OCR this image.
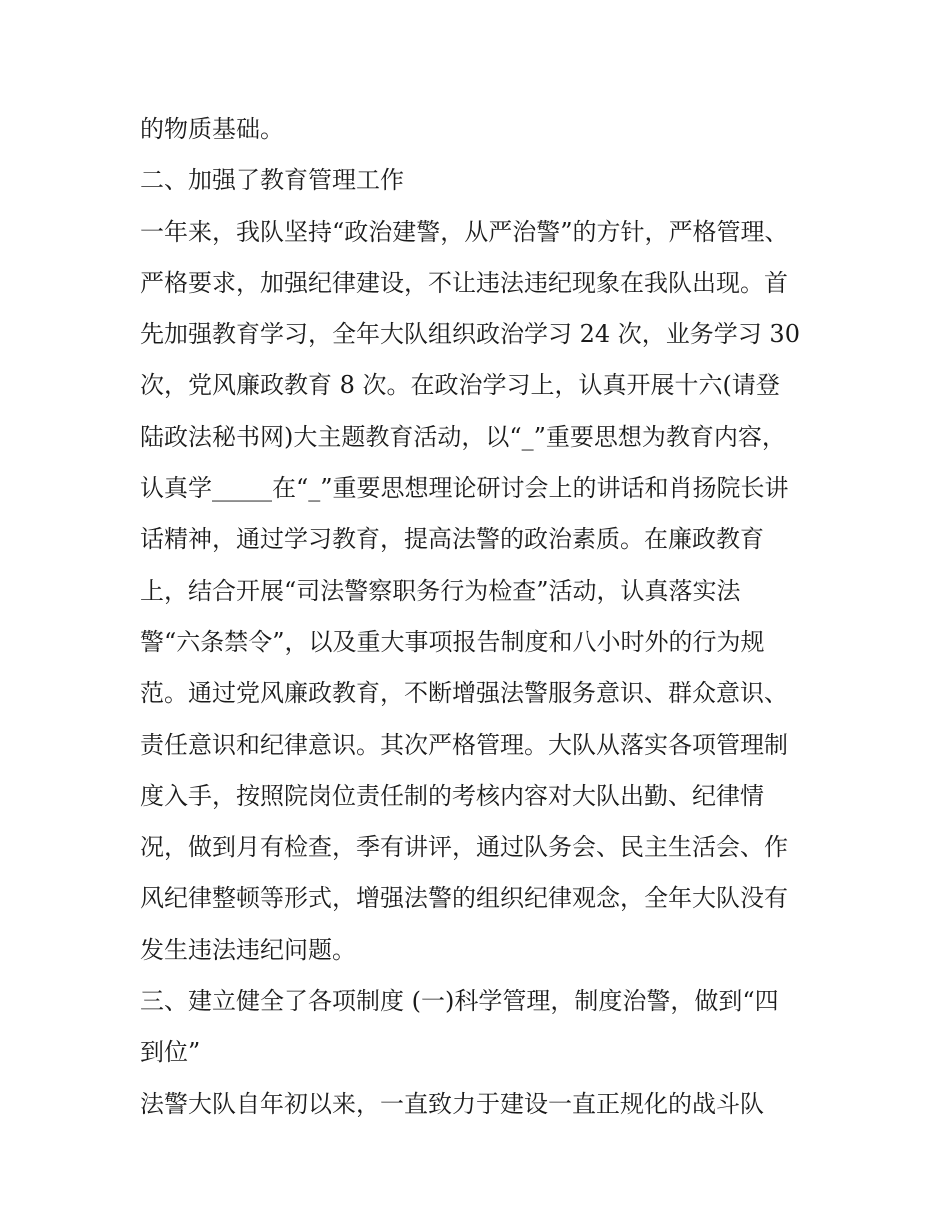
的物质基础。
二、加强了教育管理工作
一年来，我队坚持“政治建警，从严治警”的方针，严格管理、
严格要求，加强纪律建设，不让违法违纪现象在我队出现。首
先加强教育学习，全年大队组织政治学习 24 次，业务学习 30
次，党风廉政教育 8 次。在政治学习上，认真开展十六(请登
陆政法秘书网)大主题教育活动，以“_”重要思想为教育内容，
认真学_____在“_”重要思想理论研讨会上的讲话和肖扬院长讲
话精神，通过学习教育，提高法警的政治素质。在廉政教育
上，结合开展“司法警察职务行为检查”活动，认真落实法
警“六条禁令”，以及重大事项报告制度和八小时外的行为规
范。通过党风廉政教育，不断增强法警服务意识、群众意识、
责任意识和纪律意识。其次严格管理。大队从落实各项管理制
度入手，按照院岗位责任制的考核内容对大队出勤、纪律情
况，做到月有检查，季有讲评，通过队务会、民主生活会、作
风纪律整顿等形式，增强法警的组织纪律观念，全年大队没有
发生违法违纪问题。
三、建立健全了各项制度 (一)科学管理，制度治警，做到“四
到位”
法警大队自年初以来，一直致力于建设一直正规化的战斗队
